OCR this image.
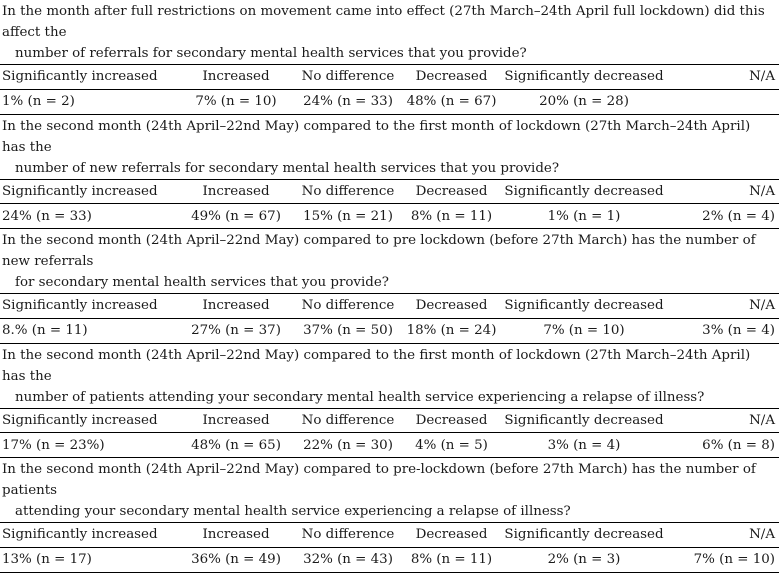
In the month after full restrictions on movement came into effect (27th March–24th April full lockdown) did this affect the
number of referrals for secondary mental health services that you provide?
Significantly increased	Increased	No difference	Decreased	Significantly decreased	N/A
1% (n = 2)	7% (n = 10)	24% (n = 33)	48% (n = 67)	20% (n = 28)
In the second month (24th April–22nd May) compared to the first month of lockdown (27th March–24th April) has the
number of new referrals for secondary mental health services that you provide?
Significantly increased	Increased	No difference	Decreased	Significantly decreased	N/A
24% (n = 33)	49% (n = 67)	15% (n = 21)	8% (n = 11)	1% (n = 1)	2% (n = 4)
In the second month (24th April–22nd May) compared to pre lockdown (before 27th March) has the number of new referrals
for secondary mental health services that you provide?
Significantly increased	Increased	No difference	Decreased	Significantly decreased	N/A
8.% (n = 11)	27% (n = 37)	37% (n = 50)	18% (n = 24)	7% (n = 10)	3% (n = 4)
In the second month (24th April–22nd May) compared to the first month of lockdown (27th March–24th April) has the
number of patients attending your secondary mental health service experiencing a relapse of illness?
Significantly increased	Increased	No difference	Decreased	Significantly decreased	N/A
17% (n = 23%)	48% (n = 65)	22% (n = 30)	4% (n = 5)	3% (n = 4)	6% (n = 8)
In the second month (24th April–22nd May) compared to pre-lockdown (before 27th March) has the number of patients
attending your secondary mental health service experiencing a relapse of illness?
Significantly increased	Increased	No difference	Decreased	Significantly decreased	N/A
13% (n = 17)	36% (n = 49)	32% (n = 43)	8% (n = 11)	2% (n = 3)	7% (n = 10)
